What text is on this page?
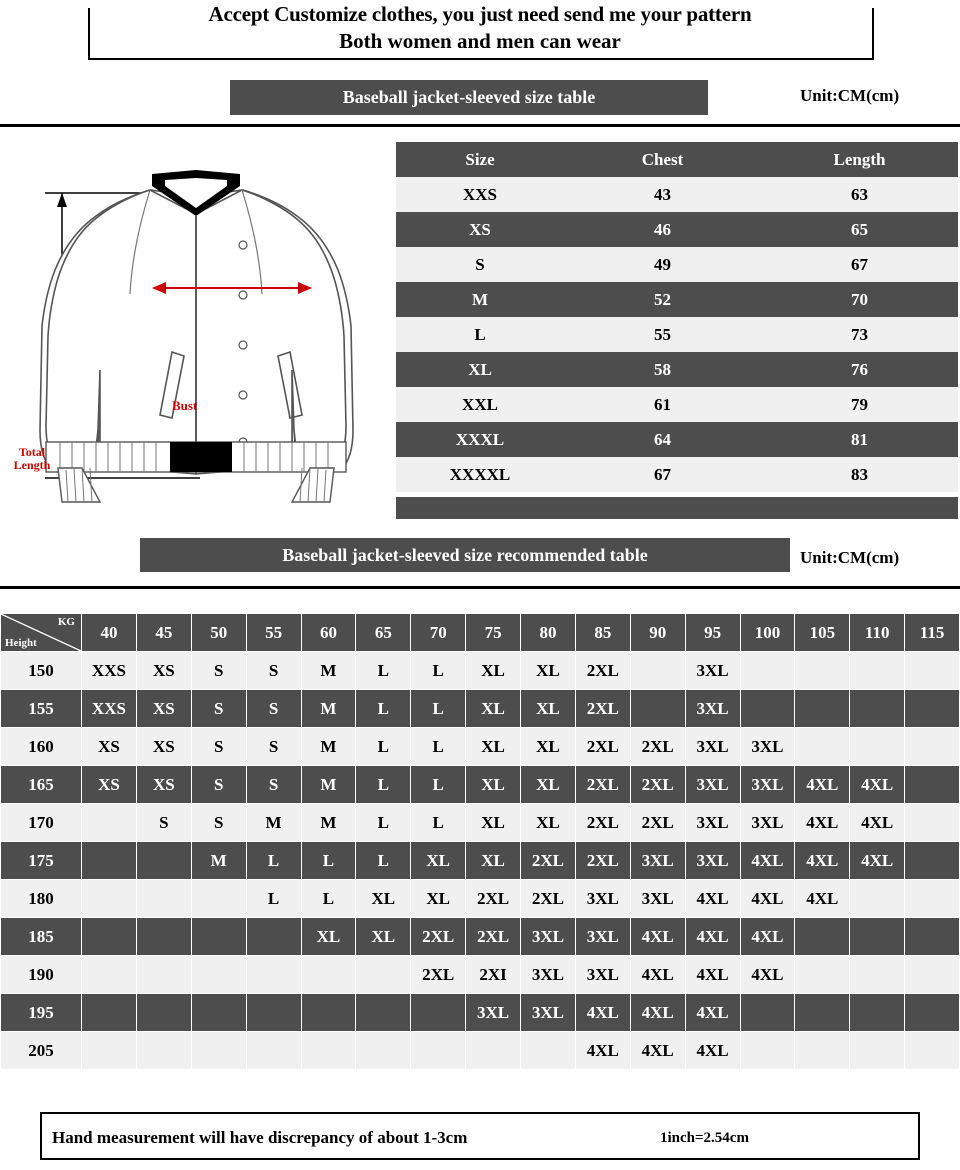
Accept Customize clothes, you just need send me your pattern
Both women and men can wear
Baseball jacket-sleeved size table	Unit:CM(cm)
Bust
Total
Length
Size	Chest	Length
XXS	43	63
XS	46	65
S	49	67
M	52	70
L	55	73
XL	58	76
XXL	61	79
XXXL	64	81
XXXXL	67	83
Baseball jacket-sleeved size recommended table	Unit:CM(cm)
KG
Height	40	45	50	55	60	65	70	75	80	85	90	95	100	105	110	115
150	XXS	XS	S	S	M	L	L	XL	XL	2XL		3XL				
155	XXS	XS	S	S	M	L	L	XL	XL	2XL		3XL				
160	XS	XS	S	S	M	L	L	XL	XL	2XL	2XL	3XL	3XL			
165	XS	XS	S	S	M	L	L	XL	XL	2XL	2XL	3XL	3XL	4XL	4XL	
170		S	S	M	M	L	L	XL	XL	2XL	2XL	3XL	3XL	4XL	4XL	
175			M	L	L	L	XL	XL	2XL	2XL	3XL	3XL	4XL	4XL	4XL	
180				L	L	XL	XL	2XL	2XL	3XL	3XL	4XL	4XL	4XL		
185					XL	XL	2XL	2XL	3XL	3XL	4XL	4XL	4XL			
190							2XL	2XI	3XL	3XL	4XL	4XL	4XL			
195								3XL	3XL	4XL	4XL	4XL				
205										4XL	4XL	4XL				
Hand measurement will have discrepancy of about 1-3cm	1inch=2.54cm
